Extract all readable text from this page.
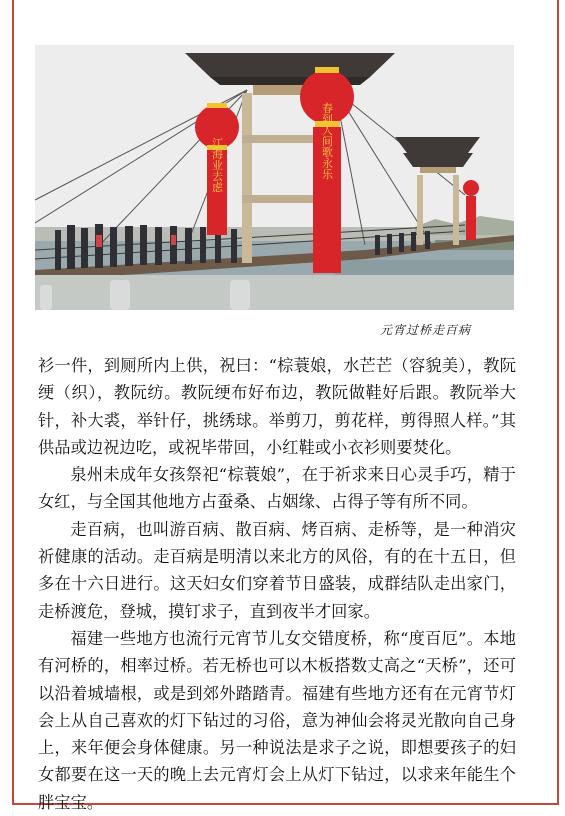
江海业去虑	春到人间歌永乐
元宵过桥走百病

衫一件，到厕所内上供，祝曰：“棕蓑娘，水芒芒（容貌美），教阮绠（织），教阮纺。教阮绠布好布边，教阮做鞋好后跟。教阮举大针，补大裘，举针仔，挑绣球。举剪刀，剪花样，剪得照人样。”其供品或边祝边吃，或祝毕带回，小红鞋或小衣衫则要焚化。

泉州未成年女孩祭祀“棕蓑娘”，在于祈求来日心灵手巧，精于女红，与全国其他地方占蚕桑、占姻缘、占得子等有所不同。

走百病，也叫游百病、散百病、烤百病、走桥等，是一种消灾祈健康的活动。走百病是明清以来北方的风俗，有的在十五日，但多在十六日进行。这天妇女们穿着节日盛装，成群结队走出家门，走桥渡危，登城，摸钉求子，直到夜半才回家。

福建一些地方也流行元宵节儿女交错度桥，称“度百厄”。本地有河桥的，相率过桥。若无桥也可以木板搭数丈高之“天桥”，还可以沿着城墙根，或是到郊外踏踏青。福建有些地方还有在元宵节灯会上从自己喜欢的灯下钻过的习俗，意为神仙会将灵光散向自己身上，来年便会身体健康。另一种说法是求子之说，即想要孩子的妇女都要在这一天的晚上去元宵灯会上从灯下钻过，以求来年能生个胖宝宝。
